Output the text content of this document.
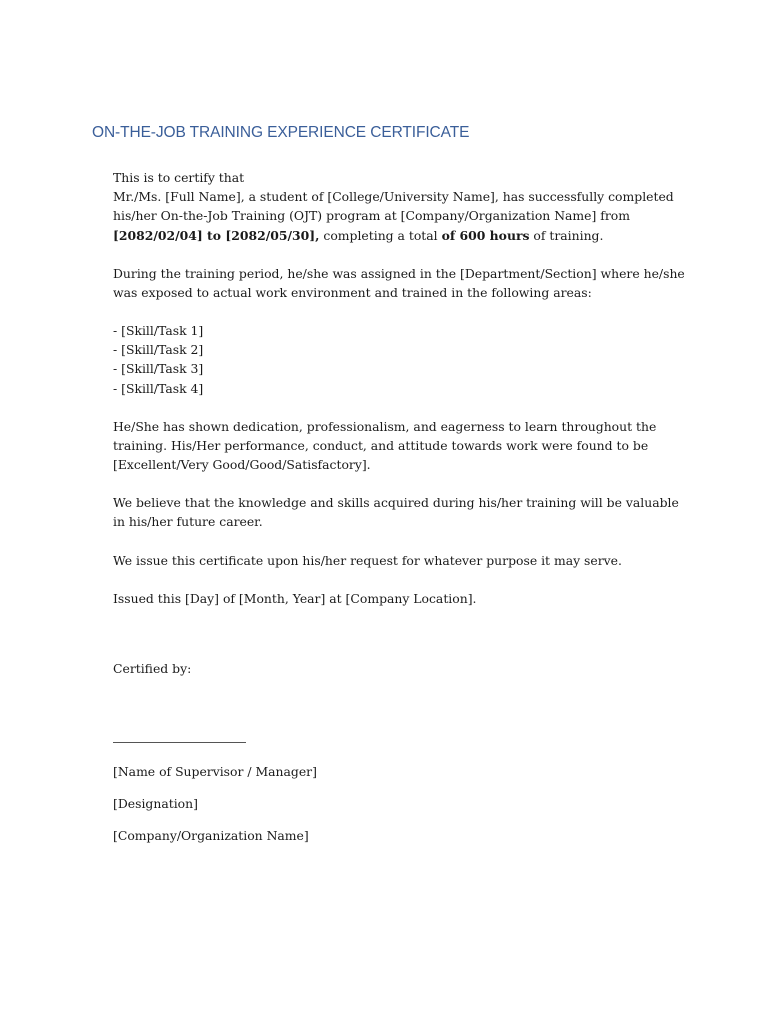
ON-THE-JOB TRAINING EXPERIENCE CERTIFICATE

This is to certify that

Mr./Ms. [Full Name], a student of [College/University Name], has successfully completed

his/her On-the-Job Training (OJT) program at [Company/Organization Name] from

[2082/02/04] to [2082/05/30], completing a total of 600 hours of training.

During the training period, he/she was assigned in the [Department/Section] where he/she

was exposed to actual work environment and trained in the following areas:

- [Skill/Task 1]

- [Skill/Task 2]

- [Skill/Task 3]

- [Skill/Task 4]

He/She has shown dedication, professionalism, and eagerness to learn throughout the

training. His/Her performance, conduct, and attitude towards work were found to be

[Excellent/Very Good/Good/Satisfactory].

We believe that the knowledge and skills acquired during his/her training will be valuable

in his/her future career.

We issue this certificate upon his/her request for whatever purpose it may serve.

Issued this [Day] of [Month, Year] at [Company Location].

Certified by:

[Name of Supervisor / Manager]

[Designation]

[Company/Organization Name]
